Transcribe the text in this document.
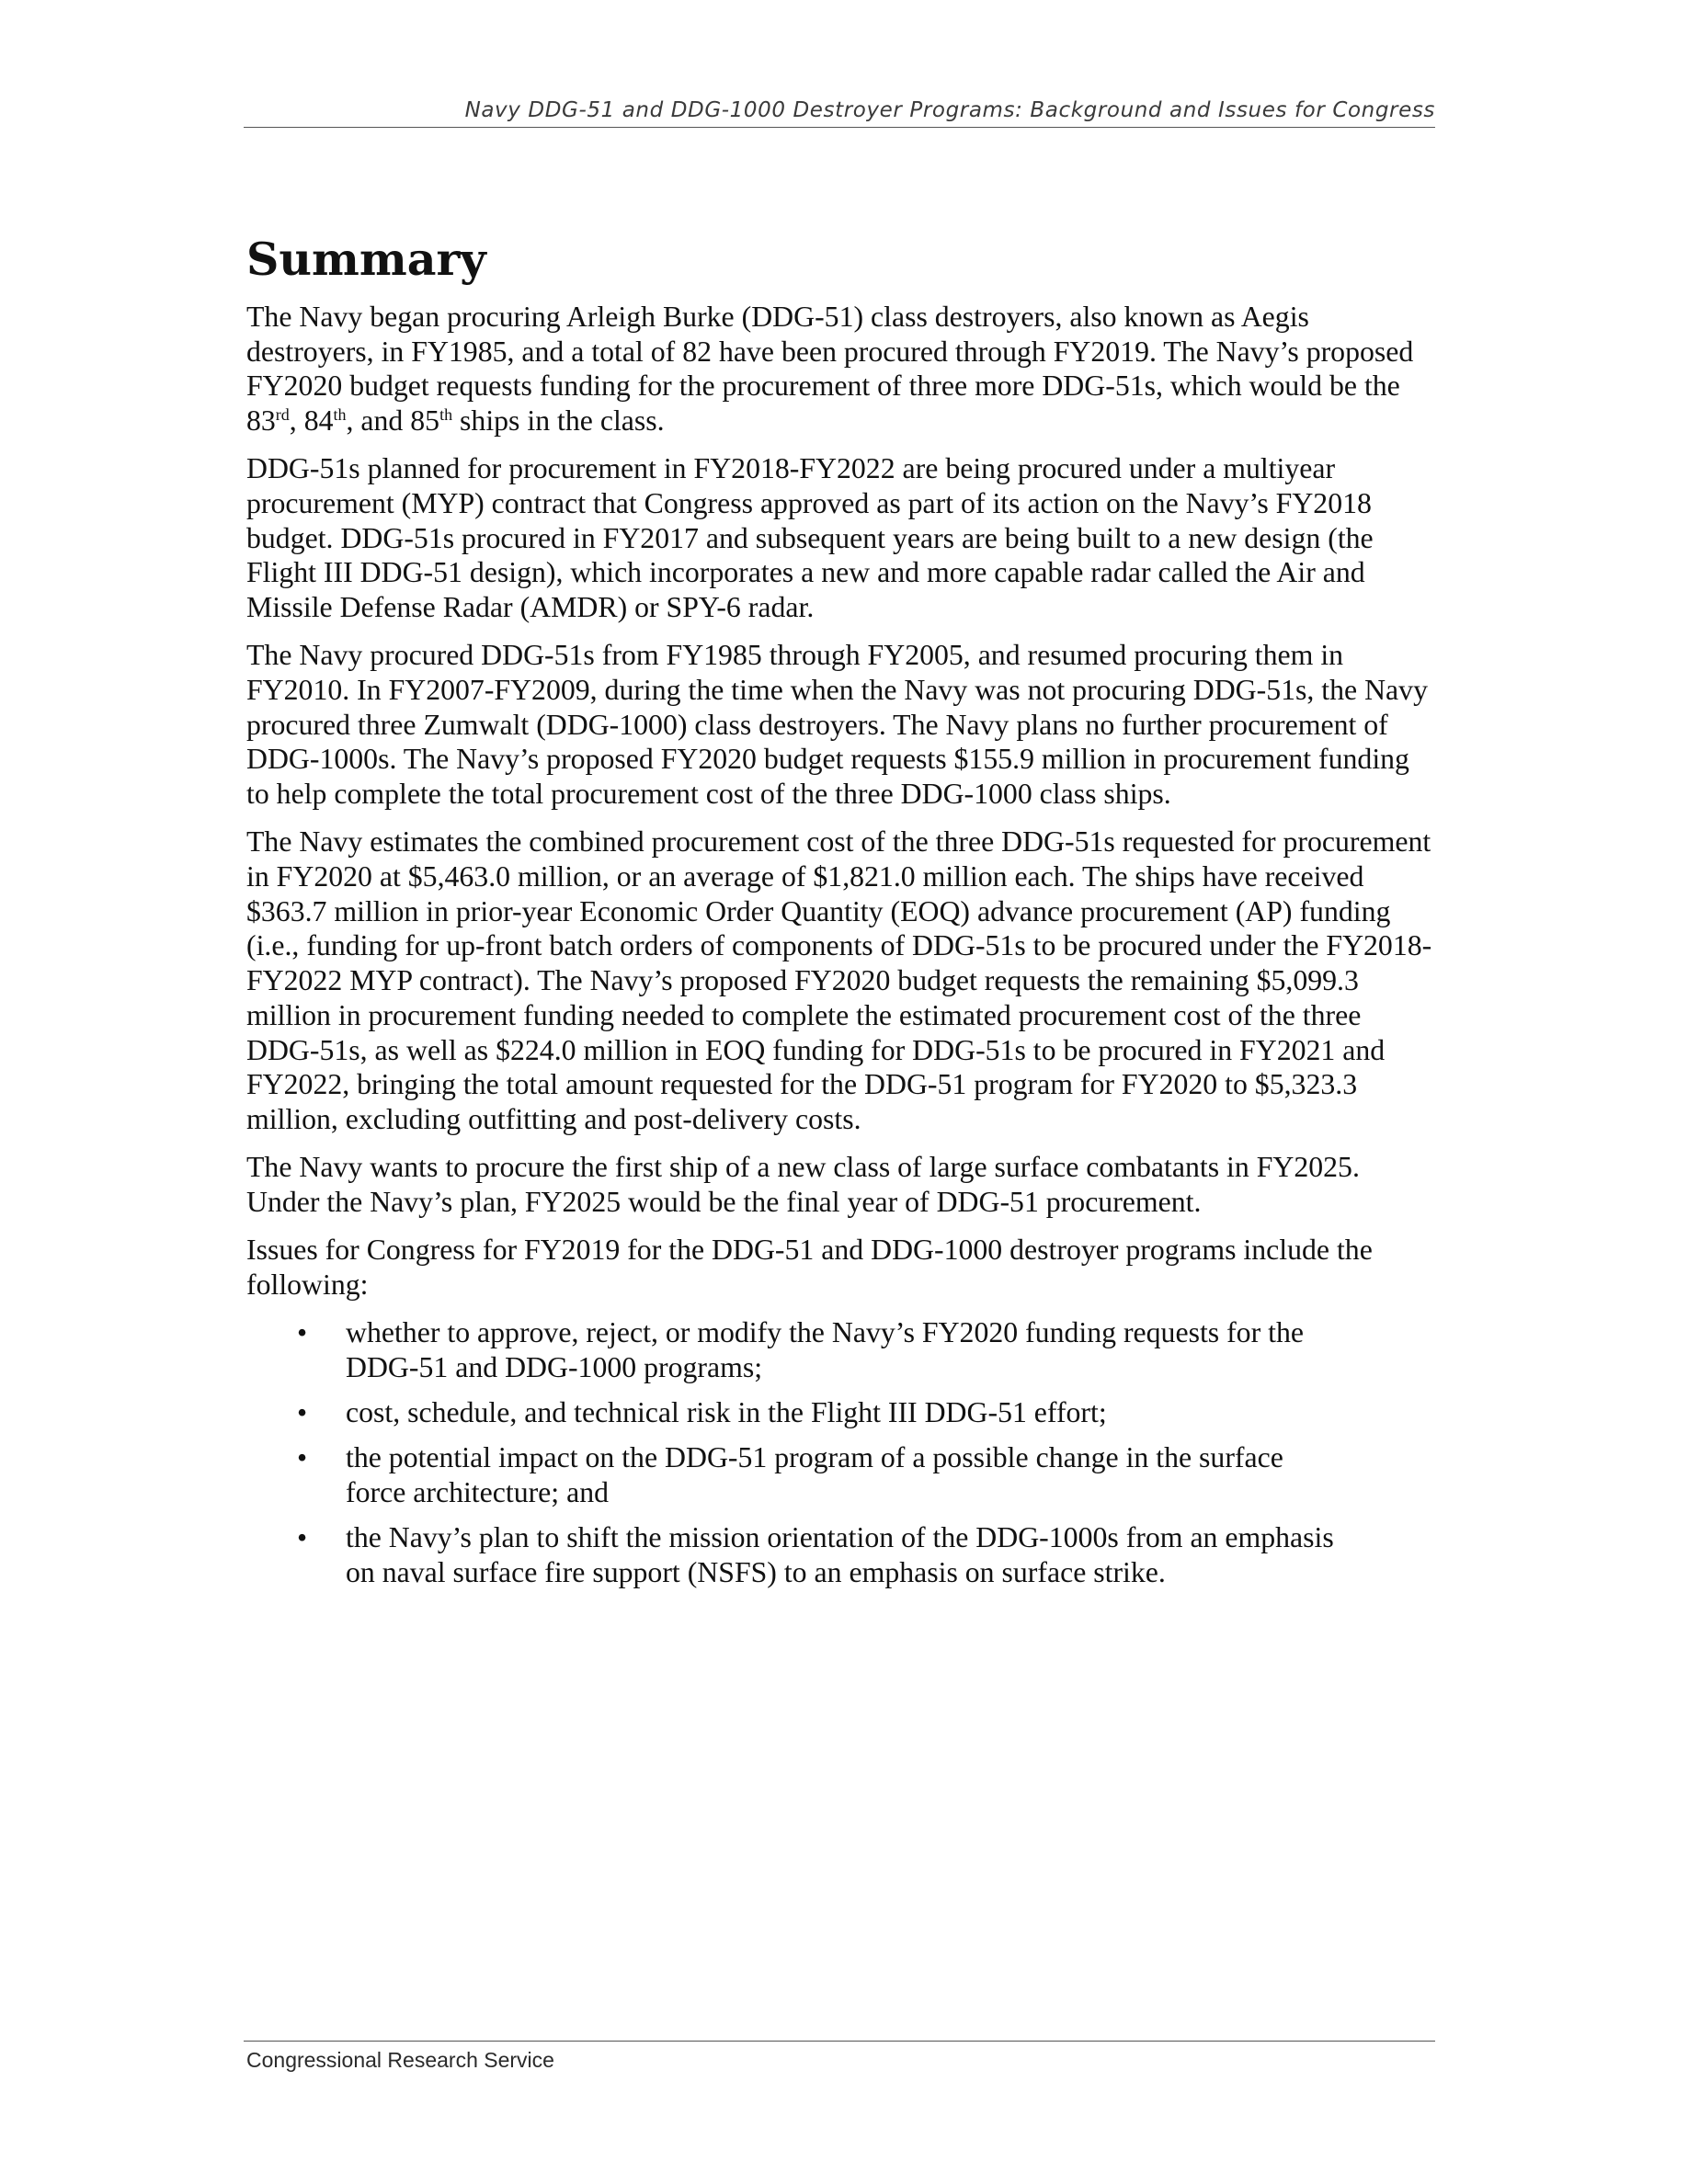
Navy DDG-51 and DDG-1000 Destroyer Programs: Background and Issues for Congress
Summary

The Navy began procuring Arleigh Burke (DDG-51) class destroyers, also known as Aegis destroyers, in FY1985, and a total of 82 have been procured through FY2019. The Navy’s proposed FY2020 budget requests funding for the procurement of three more DDG-51s, which would be the 83rd, 84th, and 85th ships in the class.

DDG-51s planned for procurement in FY2018-FY2022 are being procured under a multiyear procurement (MYP) contract that Congress approved as part of its action on the Navy’s FY2018 budget. DDG-51s procured in FY2017 and subsequent years are being built to a new design (the Flight III DDG-51 design), which incorporates a new and more capable radar called the Air and Missile Defense Radar (AMDR) or SPY-6 radar.

The Navy procured DDG-51s from FY1985 through FY2005, and resumed procuring them in FY2010. In FY2007-FY2009, during the time when the Navy was not procuring DDG-51s, the Navy procured three Zumwalt (DDG-1000) class destroyers. The Navy plans no further procurement of DDG-1000s. The Navy’s proposed FY2020 budget requests $155.9 million in procurement funding to help complete the total procurement cost of the three DDG-1000 class ships.

The Navy estimates the combined procurement cost of the three DDG-51s requested for procurement in FY2020 at $5,463.0 million, or an average of $1,821.0 million each. The ships have received $363.7 million in prior-year Economic Order Quantity (EOQ) advance procurement (AP) funding (i.e., funding for up-front batch orders of components of DDG-51s to be procured under the FY2018-FY2022 MYP contract). The Navy’s proposed FY2020 budget requests the remaining $5,099.3 million in procurement funding needed to complete the estimated procurement cost of the three DDG-51s, as well as $224.0 million in EOQ funding for DDG-51s to be procured in FY2021 and FY2022, bringing the total amount requested for the DDG-51 program for FY2020 to $5,323.3 million, excluding outfitting and post-delivery costs.

The Navy wants to procure the first ship of a new class of large surface combatants in FY2025. Under the Navy’s plan, FY2025 would be the final year of DDG-51 procurement.

Issues for Congress for FY2019 for the DDG-51 and DDG-1000 destroyer programs include the following:

• whether to approve, reject, or modify the Navy’s FY2020 funding requests for the DDG-51 and DDG-1000 programs;
• cost, schedule, and technical risk in the Flight III DDG-51 effort;
• the potential impact on the DDG-51 program of a possible change in the surface force architecture; and
• the Navy’s plan to shift the mission orientation of the DDG-1000s from an emphasis on naval surface fire support (NSFS) to an emphasis on surface strike.
Congressional Research Service
